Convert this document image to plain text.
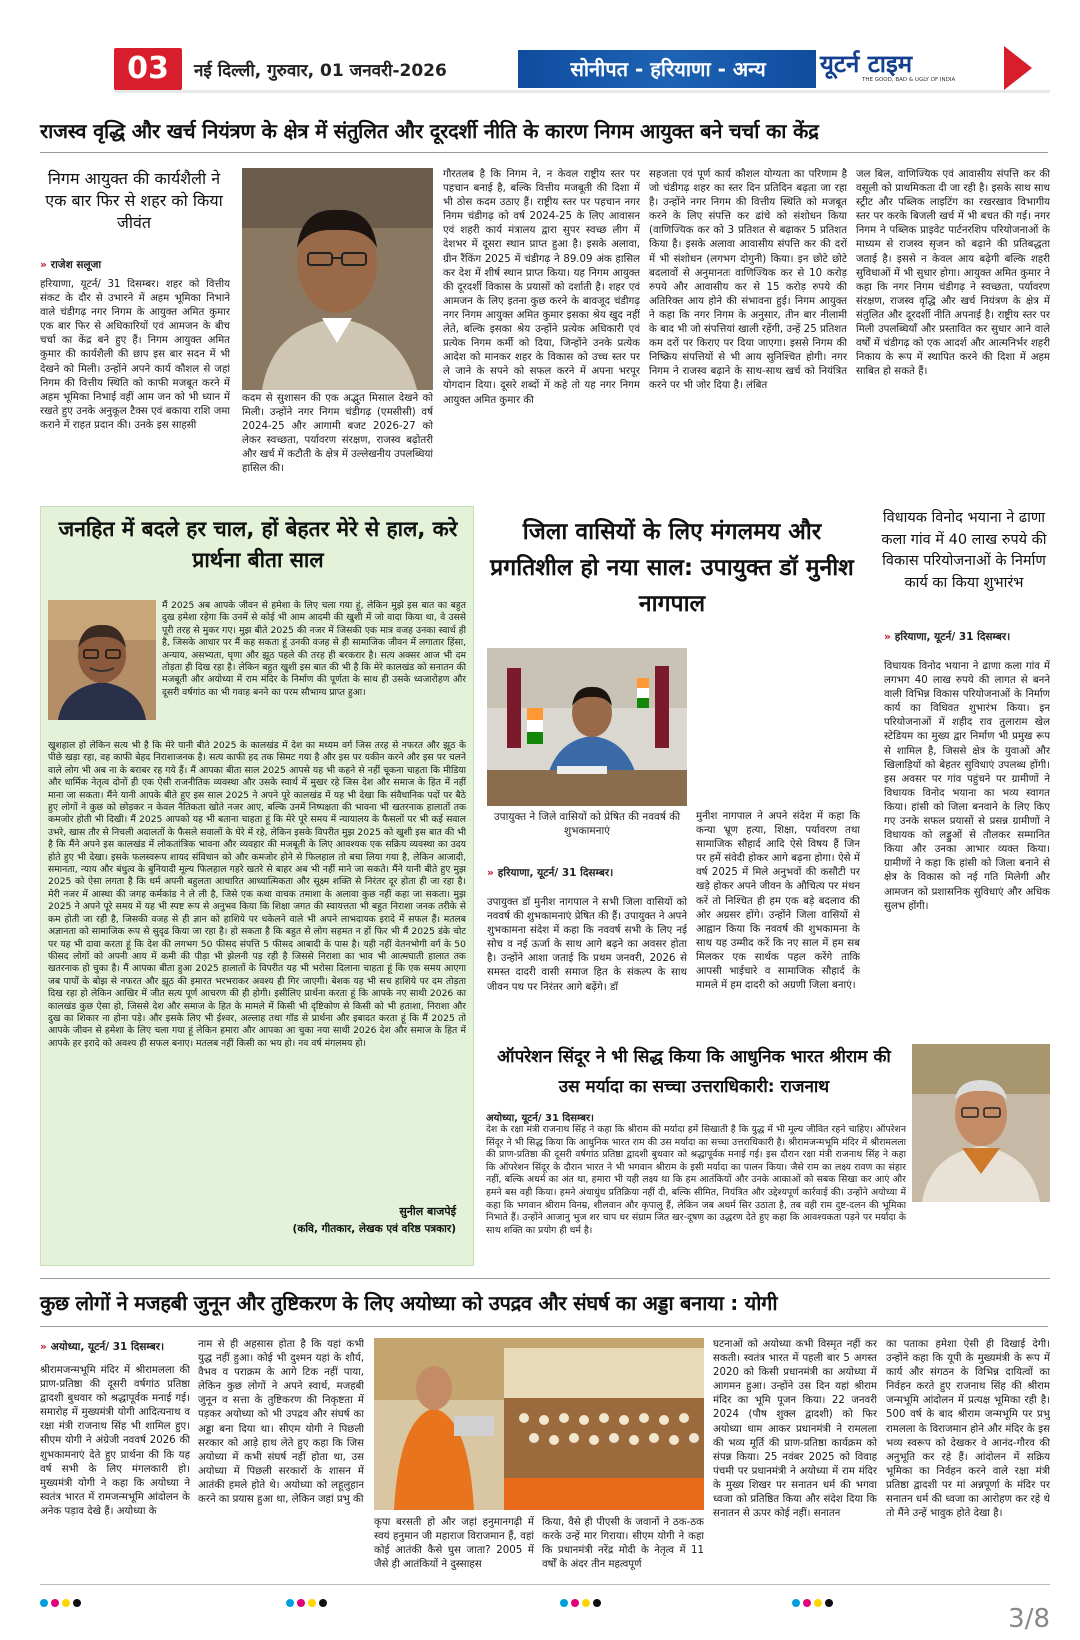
03	नई दिल्ली, गुरुवार, 01 जनवरी-2026	सोनीपत - हरियाणा - अन्य	यूटर्न टाइम
THE GOOD, BAD & UGLY OF INDIA
राजस्व वृद्धि और खर्च नियंत्रण के क्षेत्र में संतुलित और दूरदर्शी नीति के कारण निगम आयुक्त बने चर्चा का केंद्र
निगम आयुक्त की कार्यशैली ने एक बार फिर से शहर को किया जीवंत
» राजेश सलूजा
हरियाणा, यूटर्न/ 31 दिसम्बर। शहर को वित्तीय संकट के दौर से उभारने में अहम भूमिका निभाने वाले चंडीगढ़ नगर निगम के आयुक्त अमित कुमार एक बार फिर से अधिकारियों एवं आमजन के बीच चर्चा का केंद्र बने हुए हैं। निगम आयुक्त अमित कुमार की कार्यशैली की छाप इस बार सदन में भी देखने को मिली। उन्होंने अपने कार्य कौशल से जहां निगम की वित्तीय स्थिति को काफी मजबूत करने में अहम भूमिका निभाई वहीं आम जन को भी ध्यान में रखते हुए उनके अनुकूल टैक्स एवं बकाया राशि जमा कराने में राहत प्रदान की। उनके इस साहसी
कदम से सुशासन की एक अद्भुत मिसाल देखने को मिली। उन्होंने नगर निगम चंडीगढ़ (एमसीसी) वर्ष 2024-25 और आगामी बजट 2026-27 को लेकर स्वच्छता, पर्यावरण संरक्षण, राजस्व बढ़ोतरी और खर्च में कटौती के क्षेत्र में उल्लेखनीय उपलब्धियां हासिल की।
गौरतलब है कि निगम ने, न केवल राष्ट्रीय स्तर पर पहचान बनाई है, बल्कि वित्तीय मजबूती की दिशा में भी ठोस कदम उठाए हैं। राष्ट्रीय स्तर पर पहचान नगर निगम चंडीगढ़ को वर्ष 2024-25 के लिए आवासन एवं शहरी कार्य मंत्रालय द्वारा सुपर स्वच्छ लीग में देशभर में दूसरा स्थान प्राप्त हुआ है। इसके अलावा, ग्रीन रैंकिंग 2025 में चंडीगढ़ ने 89.09 अंक हासिल कर देश में शीर्ष स्थान प्राप्त किया। यह निगम आयुक्त की दूरदर्शी विकास के प्रयासों को दर्शाती है। शहर एवं आमजन के लिए इतना कुछ करने के बावजूद चंडीगढ़ नगर निगम आयुक्त अमित कुमार इसका श्रेय खुद नहीं लेते, बल्कि इसका श्रेय उन्होंने प्रत्येक अधिकारी एवं प्रत्येक निगम कर्मी को दिया, जिन्होंने उनके प्रत्येक आदेश को मानकर शहर के विकास को उच्च स्तर पर ले जाने के सपने को सफल करने में अपना भरपूर योगदान दिया। दूसरे शब्दों में कहे तो यह नगर निगम आयुक्त अमित कुमार की
सहजता एवं पूर्ण कार्य कौशल योग्यता का परिणाम है जो चंडीगढ़ शहर का स्तर दिन प्रतिदिन बढ़ता जा रहा है। उन्होंने नगर निगम की वित्तीय स्थिति को मजबूत करने के लिए संपत्ति कर ढांचे को संशोधन किया (वाणिज्यिक कर को 3 प्रतिशत से बढ़ाकर 5 प्रतिशत किया है। इसके अलावा आवासीय संपत्ति कर की दरों में भी संशोधन (लगभग दोगुनी) किया। इन छोटे छोटे बदलावों से अनुमानतः वाणिज्यिक कर से 10 करोड़ रुपये और आवासीय कर से 15 करोड़ रुपये की अतिरिक्त आय होने की संभावना हुई। निगम आयुक्त ने कहा कि नगर निगम के अनुसार, तीन बार नीलामी के बाद भी जो संपत्तियां खाली रहेंगी, उन्हें 25 प्रतिशत कम दरों पर किराए पर दिया जाएगा। इससे निगम की निष्क्रिय संपत्तियों से भी आय सुनिश्चित होगी। नगर निगम ने राजस्व बढ़ाने के साथ-साथ खर्च को नियंत्रित करने पर भी जोर दिया है। लंबित
जल बिल, वाणिज्यिक एवं आवासीय संपत्ति कर की वसूली को प्राथमिकता दी जा रही है। इसके साथ साथ स्ट्रीट और पब्लिक लाइटिंग का रखरखाव विभागीय स्तर पर करके बिजली खर्च में भी बचत की गई। नगर निगम ने पब्लिक प्राइवेट पार्टनरशिप परियोजनाओं के माध्यम से राजस्व सृजन को बढ़ाने की प्रतिबद्धता जताई है। इससे न केवल आय बढ़ेगी बल्कि शहरी सुविधाओं में भी सुधार होगा। आयुक्त अमित कुमार ने कहा कि नगर निगम चंडीगढ़ ने स्वच्छता, पर्यावरण संरक्षण, राजस्व वृद्धि और खर्च नियंत्रण के क्षेत्र में संतुलित और दूरदर्शी नीति अपनाई है। राष्ट्रीय स्तर पर मिली उपलब्धियाँ और प्रस्तावित कर सुधार आने वाले वर्षों में चंडीगढ़ को एक आदर्श और आत्मनिर्भर शहरी निकाय के रूप में स्थापित करने की दिशा में अहम साबित हो सकते हैं।
जनहित में बदले हर चाल, हों बेहतर मेरे से हाल, करे प्रार्थना बीता साल
मैं 2025 अब आपके जीवन से हमेशा के लिए चला गया हूं, लेकिन मुझे इस बात का बहुत दुख हमेशा रहेगा कि उनमें से कोई भी आम आदमी की खुशी में जो वादा किया था, वे उससे पूरी तरह से मुकर गए। मुझ बीते 2025 की नजर में जिसकी एक मात्र वजह उनका स्वार्थ ही है, जिसके आधार पर मैं कह सकता हूं उनकी वजह से ही सामाजिक जीवन में लगातार हिंसा, अन्याय, असभ्यता, घृणा और झूठ पहले की तरह ही बरकरार है। सत्य अक्सर आज भी दम तोड़ता ही दिख रहा है। लेकिन बहुत खुशी इस बात की भी है कि मेरे कालखंड को सनातन की मजबूती और अयोध्या में राम मंदिर के निर्माण की पूर्णता के साथ ही उसके ध्वजारोहण और दूसरी वर्षगांठ का भी गवाह बनने का परम सौभाग्य प्राप्त हुआ।
खुशहाल हो लेकिन सत्य भी है कि मेरे यानी बीते 2025 के कालखंड में देश का मध्यम वर्ग जिस तरह से नफरत और झूठ के पीछे खड़ा रहा, वह काफी बेहद निराशाजनक है। सत्य काफी हद तक सिमट गया है और इस पर यकीन करने और इस पर चलने वाले लोग भी अब ना के बराबर रह गये हैं। मैं आपका बीता साल 2025 आपसे यह भी कहने से नहीं चूकना चाहता कि मीडिया और धार्मिक नेतृत्व दोनों ही एक ऐसी राजनीतिक व्यवस्था और उसके स्वार्थ में मुखर रहे जिस देश और समाज के हित में नहीं माना जा सकता। मैंने यानी आपके बीते हुए इस साल 2025 ने अपने पूरे कालखंड में यह भी देखा कि संवैधानिक पदों पर बैठे हुए लोगों ने कुछ को छोड़कर न केवल नैतिकता खोते नजर आए, बल्कि उनमें निष्पक्षता की भावना भी खतरनाक हालातों तक कमजोर होती भी दिखी। मैं 2025 आपको यह भी बताना चाहता हूं कि मेरे पूरे समय में न्यायालय के फैसलों पर भी कई सवाल उभरे, खास तौर से निचली अदालतों के फैसले सवालों के घेरे में रहे, लेकिन इसके विपरीत मुझ 2025 को खुशी इस बात की भी है कि मैंने अपने इस कालखंड में लोकतांत्रिक भावना और व्यवहार की मजबूती के लिए आवश्यक एक सक्रिय व्यवस्था का उदय होते हुए भी देखा। इसके फलस्वरूप शायद संविधान को और कमजोर होने से फिलहाल तो बचा लिया गया है, लेकिन आजादी, समानता, न्याय और बंधुत्व के बुनियादी मूल्य फिलहाल गहरे खतरे से बाहर अब भी नहीं माने जा सकते। मैंने यानी बीते हुए मुझ 2025 को ऐसा लगता है कि धर्म अपनी बहुलता आधारित आध्यात्मिकता और सूक्ष्म शक्ति से निरंतर दूर होता ही जा रहा है। मेरी नजर में आस्था की जगह कर्मकांड ने ले ली है, जिसे एक कथा वाचक तमाशा के अलावा कुछ नहीं कहा जा सकता। मुझ 2025 ने अपने पूरे समय में यह भी स्पष्ट रूप से अनुभव किया कि शिक्षा जगत की स्वायत्तता भी बहुत निराशा जनक तरीके से कम होती जा रही है, जिसकी वजह से ही ज्ञान को हाशिये पर धकेलने वाले भी अपने लाभदायक इरादे में सफल हैं। मतलब अज्ञानता को सामाजिक रूप से सुदृढ किया जा रहा है। हो सकता है कि बहुत से लोग सहमत न हों फिर भी मैं 2025 डंके चोट पर यह भी दावा करता हूं कि देश की लगभग 50 फीसद संपत्ति 5 फीसद आबादी के पास है। यही नहीं वेतनभोगी वर्ग के 50 फीसद लोगों को अपनी आय में कमी की पीड़ा भी झेलनी पड़ रही है जिससे निराशा का भाव भी आत्मघाती हालात तक खतरनाक हो चुका है। मैं आपका बीता हुआ 2025 हालातों के विपरीत यह भी भरोसा दिलाना चाहता हूं कि एक समय आएगा जब पापों के बोझ से नफरत और झूठ की इमारत भरभराकर अवश्य ही गिर जाएगी। बेशक यह भी सच हाशिये पर दम तोड़ता दिख रहा हो लेकिन आखिर में जीत सत्य पूर्ण आचरण की ही होगी। इसीलिए प्रार्थना करता हूं कि आपके नए साथी 2026 का कालखंड कुछ ऐसा हो, जिससे देश और समाज के हित के मामले में किसी भी दृष्टिकोण से किसी को भी हताशा, निराशा और दुख का शिकार ना होना पड़े। और इसके लिए भी ईश्वर, अल्लाह तथा गॉड से प्रार्थना और इबादत करता हूं कि मैं 2025 तो आपके जीवन से हमेशा के लिए चला गया हूं लेकिन हमारा और आपका आ चुका नया साथी 2026 देश और समाज के हित में आपके हर इरादे को अवश्य ही सफल बनाए। मतलब नहीं किसी का भय हो। नव वर्ष मंगलमय हो।
सुनील बाजपेई
(कवि, गीतकार, लेखक एवं वरिष्ठ पत्रकार)
जिला वासियों के लिए मंगलमय और प्रगतिशील हो नया साल: उपायुक्त डॉ मुनीश नागपाल
उपायुक्त ने जिले वासियों को प्रेषित की नववर्ष की शुभकामनाएं
» हरियाणा, यूटर्न/ 31 दिसम्बर।
उपायुक्त डॉ मुनीश नागपाल ने सभी जिला वासियों को नववर्ष की शुभकामनाएं प्रेषित की हैं। उपायुक्त ने अपने शुभकामना संदेश में कहा कि नववर्ष सभी के लिए नई सोच व नई ऊर्जा के साथ आगे बढ़ने का अवसर होता है। उन्होंने आशा जताई कि प्रथम जनवरी, 2026 से समस्त दादरी वासी समाज हित के संकल्प के साथ जीवन पथ पर निरंतर आगे बढ़ेंगे। डॉ
मुनीश नागपाल ने अपने संदेश में कहा कि कन्या भ्रूण हत्या, शिक्षा, पर्यावरण तथा सामाजिक सौहार्द आदि ऐसे विषय हैं जिन पर हमें संवेदी होकर आगे बढ़ना होगा। ऐसे में वर्ष 2025 में मिले अनुभवों की कसौटी पर खड़े होकर अपने जीवन के औचित्य पर मंथन करें तो निश्चित ही हम एक बड़े बदलाव की ओर अग्रसर होंगे। उन्होंने जिला वासियों से आह्वान किया कि नववर्ष की शुभकामना के साथ यह उम्मीद करें कि नए साल में हम सब मिलकर एक सार्थक पहल करेंगे ताकि आपसी भाईचारे व सामाजिक सौहार्द के मामले में हम दादरी को अग्रणी जिला बनाएं।
विधायक विनोद भयाना ने ढाणा कला गांव में 40 लाख रुपये की विकास परियोजनाओं के निर्माण कार्य का किया शुभारंभ
» हरियाणा, यूटर्न/ 31 दिसम्बर।
विधायक विनोद भयाना ने ढाणा कला गांव में लगभग 40 लाख रुपये की लागत से बनने वाली विभिन्न विकास परियोजनाओं के निर्माण कार्य का विधिवत शुभारंभ किया। इन परियोजनाओं में शहीद राव तुलाराम खेल स्टेडियम का मुख्य द्वार निर्माण भी प्रमुख रूप से शामिल है, जिससे क्षेत्र के युवाओं और खिलाड़ियों को बेहतर सुविधाएं उपलब्ध होंगी। इस अवसर पर गांव पहुंचने पर ग्रामीणों ने विधायक विनोद भयाना का भव्य स्वागत किया। हांसी को जिला बनवाने के लिए किए गए उनके सफल प्रयासों से प्रसन्न ग्रामीणों ने विधायक को लड्डुओं से तौलकर सम्मानित किया और उनका आभार व्यक्त किया। ग्रामीणों ने कहा कि हांसी को जिला बनाने से क्षेत्र के विकास को नई गति मिलेगी और आमजन को प्रशासनिक सुविधाएं और अधिक सुलभ होंगी।
ऑपरेशन सिंदूर ने भी सिद्ध किया कि आधुनिक भारत श्रीराम की उस मर्यादा का सच्चा उत्तराधिकारी: राजनाथ
अयोध्या, यूटर्न/ 31 दिसम्बर।
देश के रक्षा मंत्री राजनाथ सिंह ने कहा कि श्रीराम की मर्यादा हमें सिखाती है कि युद्ध में भी मूल्य जीवित रहने चाहिए। ऑपरेशन सिंदूर ने भी सिद्ध किया कि आधुनिक भारत राम की उस मर्यादा का सच्चा उत्तराधिकारी है। श्रीरामजन्मभूमि मंदिर में श्रीरामलला की प्राण-प्रतिष्ठा की दूसरी वर्षगांठ प्रतिष्ठा द्वादशी बुधवार को श्रद्धापूर्वक मनाई गई। इस दौरान रक्षा मंत्री राजनाथ सिंह ने कहा कि ऑपरेशन सिंदूर के दौरान भारत ने भी भगवान श्रीराम के इसी मर्यादा का पालन किया। जैसे राम का लक्ष्य रावण का संहार नहीं, बल्कि अधर्म का अंत था, हमारा भी यही लक्ष्य था कि हम आतंकियों और उनके आकाओं को सबक सिखा कर आएं और हमने बस वही किया। हमने अंधाधुंध प्रतिक्रिया नहीं दी, बल्कि सीमित, नियंत्रित और उद्देश्यपूर्ण कार्रवाई की। उन्होंने अयोध्या में कहा कि भगवान श्रीराम विनम्र, शीलवान और कृपालु हैं, लेकिन जब अधर्म सिर उठाता है, तब वही राम दुष्ट-दलन की भूमिका निभाते हैं। उन्होंने आजानु भुज शर चाप धर संग्राम जित खर-दूषण का उद्धरण देते हुए कहा कि आवश्यकता पड़ने पर मर्यादा के साथ शक्ति का प्रयोग ही धर्म है।
कुछ लोगों ने मजहबी जुनून और तुष्टिकरण के लिए अयोध्या को उपद्रव और संघर्ष का अड्डा बनाया : योगी
» अयोध्या, यूटर्न/ 31 दिसम्बर।
श्रीरामजन्मभूमि मंदिर में श्रीरामलला की प्राण-प्रतिष्ठा की दूसरी वर्षगांठ प्रतिष्ठा द्वादशी बुधवार को श्रद्धापूर्वक मनाई गई। समारोह में मुख्यमंत्री योगी आदित्यनाथ व रक्षा मंत्री राजनाथ सिंह भी शामिल हुए। सीएम योगी ने अंग्रेजी नववर्ष 2026 की शुभकामनाएं देते हुए प्रार्थना की कि यह वर्ष सभी के लिए मंगलकारी हो। मुख्यमंत्री योगी ने कहा कि अयोध्या ने स्वतंत्र भारत में रामजन्मभूमि आंदोलन के अनेक पड़ाव देखे हैं। अयोध्या के
नाम से ही अहसास होता है कि यहां कभी युद्ध नहीं हुआ। कोई भी दुश्मन यहां के शौर्य, वैभव व पराक्रम के आगे टिक नहीं पाया, लेकिन कुछ लोगों ने अपने स्वार्थ, मजहबी जुनून व सत्ता के तुष्टिकरण की निकृष्टता में पड़कर अयोध्या को भी उपद्रव और संघर्ष का अड्डा बना दिया था। सीएम योगी ने पिछली सरकार को आड़े हाथ लेते हुए कहा कि जिस अयोध्या में कभी संघर्ष नहीं होता था, उस अयोध्या में पिछली सरकारों के शासन में आतंकी हमले होते थे। अयोध्या को लहूलुहान करने का प्रयास हुआ था, लेकिन जहां प्रभु की
कृपा बरसती हो और जहां हनुमानगढ़ी में स्वयं हनुमान जी महाराज विराजमान हैं, वहां कोई आतंकी कैसे घुस जाता? 2005 में जैसे ही आतंकियों ने दुस्साहस
किया, वैसे ही पीएसी के जवानों ने ठक-ठक करके उन्हें मार गिराया। सीएम योगी ने कहा कि प्रधानमंत्री नरेंद्र मोदी के नेतृत्व में 11 वर्षों के अंदर तीन महत्वपूर्ण
घटनाओं को अयोध्या कभी विस्मृत नहीं कर सकती। स्वतंत्र भारत में पहली बार 5 अगस्त 2020 को किसी प्रधानमंत्री का अयोध्या में आगमन हुआ। उन्होंने उस दिन यहां श्रीराम मंदिर का भूमि पूजन किया। 22 जनवरी 2024 (पौष शुक्ल द्वादशी) को फिर अयोध्या धाम आकर प्रधानमंत्री ने रामलला की भव्य मूर्ति की प्राण-प्रतिष्ठा कार्यक्रम को संपन्न किया। 25 नवंबर 2025 को विवाह पंचमी पर प्रधानमंत्री ने अयोध्या में राम मंदिर के मुख्य शिखर पर सनातन धर्म की भगवा ध्वजा को प्रतिष्ठित किया और संदेश दिया कि सनातन से ऊपर कोई नहीं। सनातन
का पताका हमेशा ऐसी ही दिखाई देगी। उन्होंने कहा कि यूपी के मुख्यमंत्री के रूप में कार्य और संगठन के विभिन्न दायित्वों का निर्वहन करते हुए राजनाथ सिंह की श्रीराम जन्मभूमि आंदोलन में प्रत्यक्ष भूमिका रही है। 500 वर्ष के बाद श्रीराम जन्मभूमि पर प्रभु रामलला के विराजमान होने और मंदिर के इस भव्य स्वरूप को देखकर वे आनंद-गौरव की अनुभूति कर रहे हैं। आंदोलन में सक्रिय भूमिका का निर्वहन करने वाले रक्षा मंत्री प्रतिष्ठा द्वादशी पर मां अन्नपूर्णा के मंदिर पर सनातन धर्म की ध्वजा का आरोहण कर रहे थे तो मैंने उन्हें भावुक होते देखा है।
3/8
